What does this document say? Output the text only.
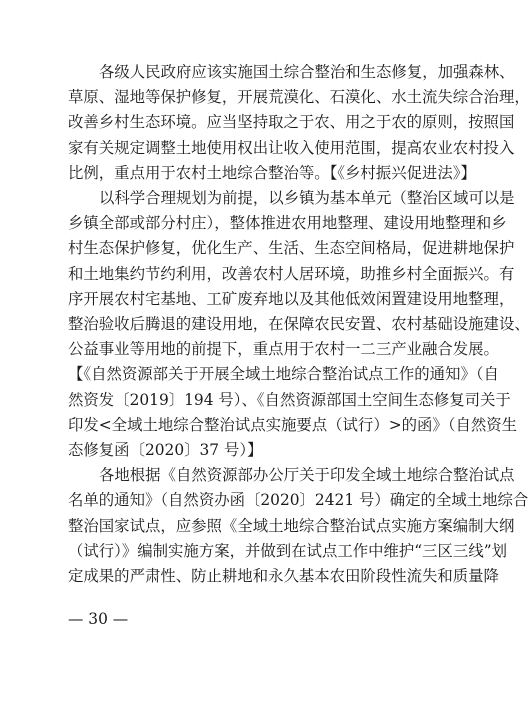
各级人民政府应该实施国土综合整治和生态修复，加强森林、
草原、湿地等保护修复，开展荒漠化、石漠化、水土流失综合治理，
改善乡村生态环境。应当坚持取之于农、用之于农的原则，按照国
家有关规定调整土地使用权出让收入使用范围，提高农业农村投入
比例，重点用于农村土地综合整治等。【《乡村振兴促进法》】
以科学合理规划为前提，以乡镇为基本单元（整治区域可以是
乡镇全部或部分村庄），整体推进农用地整理、建设用地整理和乡
村生态保护修复，优化生产、生活、生态空间格局，促进耕地保护
和土地集约节约利用，改善农村人居环境，助推乡村全面振兴。有
序开展农村宅基地、工矿废弃地以及其他低效闲置建设用地整理，
整治验收后腾退的建设用地，在保障农民安置、农村基础设施建设、
公益事业等用地的前提下，重点用于农村一二三产业融合发展。
【《自然资源部关于开展全域土地综合整治试点工作的通知》（自
然资发〔2019〕194 号）、《自然资源部国土空间生态修复司关于
印发<全域土地综合整治试点实施要点（试行）>的函》（自然资生
态修复函〔2020〕37 号）】
各地根据《自然资源部办公厅关于印发全域土地综合整治试点
名单的通知》（自然资办函〔2020〕2421 号）确定的全域土地综合
整治国家试点，应参照《全域土地综合整治试点实施方案编制大纲
（试行）》编制实施方案，并做到在试点工作中维护“三区三线”划
定成果的严肃性、防止耕地和永久基本农田阶段性流失和质量降
— 30 —
